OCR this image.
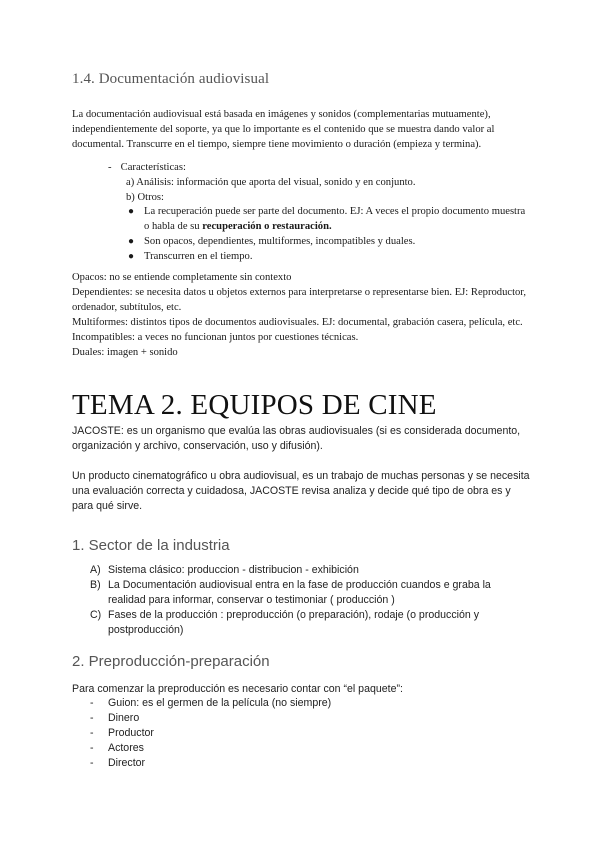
1.4. Documentación audiovisual
La documentación audiovisual está basada en imágenes y sonidos (complementarias mutuamente), independientemente del soporte, ya que lo importante es el contenido que se muestra dando valor al documental. Transcurre en el tiempo, siempre tiene movimiento o duración (empieza y termina).
- Características:
a) Análisis: información que aporta del visual, sonido y en conjunto.
b) Otros:
● La recuperación puede ser parte del documento. EJ: A veces el propio documento muestra o habla de su recuperación o restauración.
● Son opacos, dependientes, multiformes, incompatibles y duales.
● Transcurren en el tiempo.
Opacos: no se entiende completamente sin contexto
Dependientes: se necesita datos u objetos externos para interpretarse o representarse bien. EJ: Reproductor, ordenador, subtítulos, etc.
Multiformes: distintos tipos de documentos audiovisuales. EJ: documental, grabación casera, película, etc.
Incompatibles: a veces no funcionan juntos por cuestiones técnicas.
Duales: imagen + sonido
TEMA 2. EQUIPOS DE CINE
JACOSTE: es un organismo que evalúa las obras audiovisuales (si es considerada documento, organización y archivo, conservación, uso y difusión).
Un producto cinematográfico u obra audiovisual, es un trabajo de muchas personas y se necesita una evaluación correcta y cuidadosa, JACOSTE revisa analiza y decide qué tipo de obra es y para qué sirve.
1. Sector de la industria
A) Sistema clásico: produccion - distribucion - exhibición
B) La Documentación audiovisual entra en la fase de producción cuandos e graba la realidad para informar, conservar o testimoniar ( producción )
C) Fases de la producción : preproducción (o preparación), rodaje (o producción y postproducción)
2. Preproducción-preparación
Para comenzar la preproducción es necesario contar con “el paquete”:
- Guion: es el germen de la película (no siempre)
- Dinero
- Productor
- Actores
- Director
